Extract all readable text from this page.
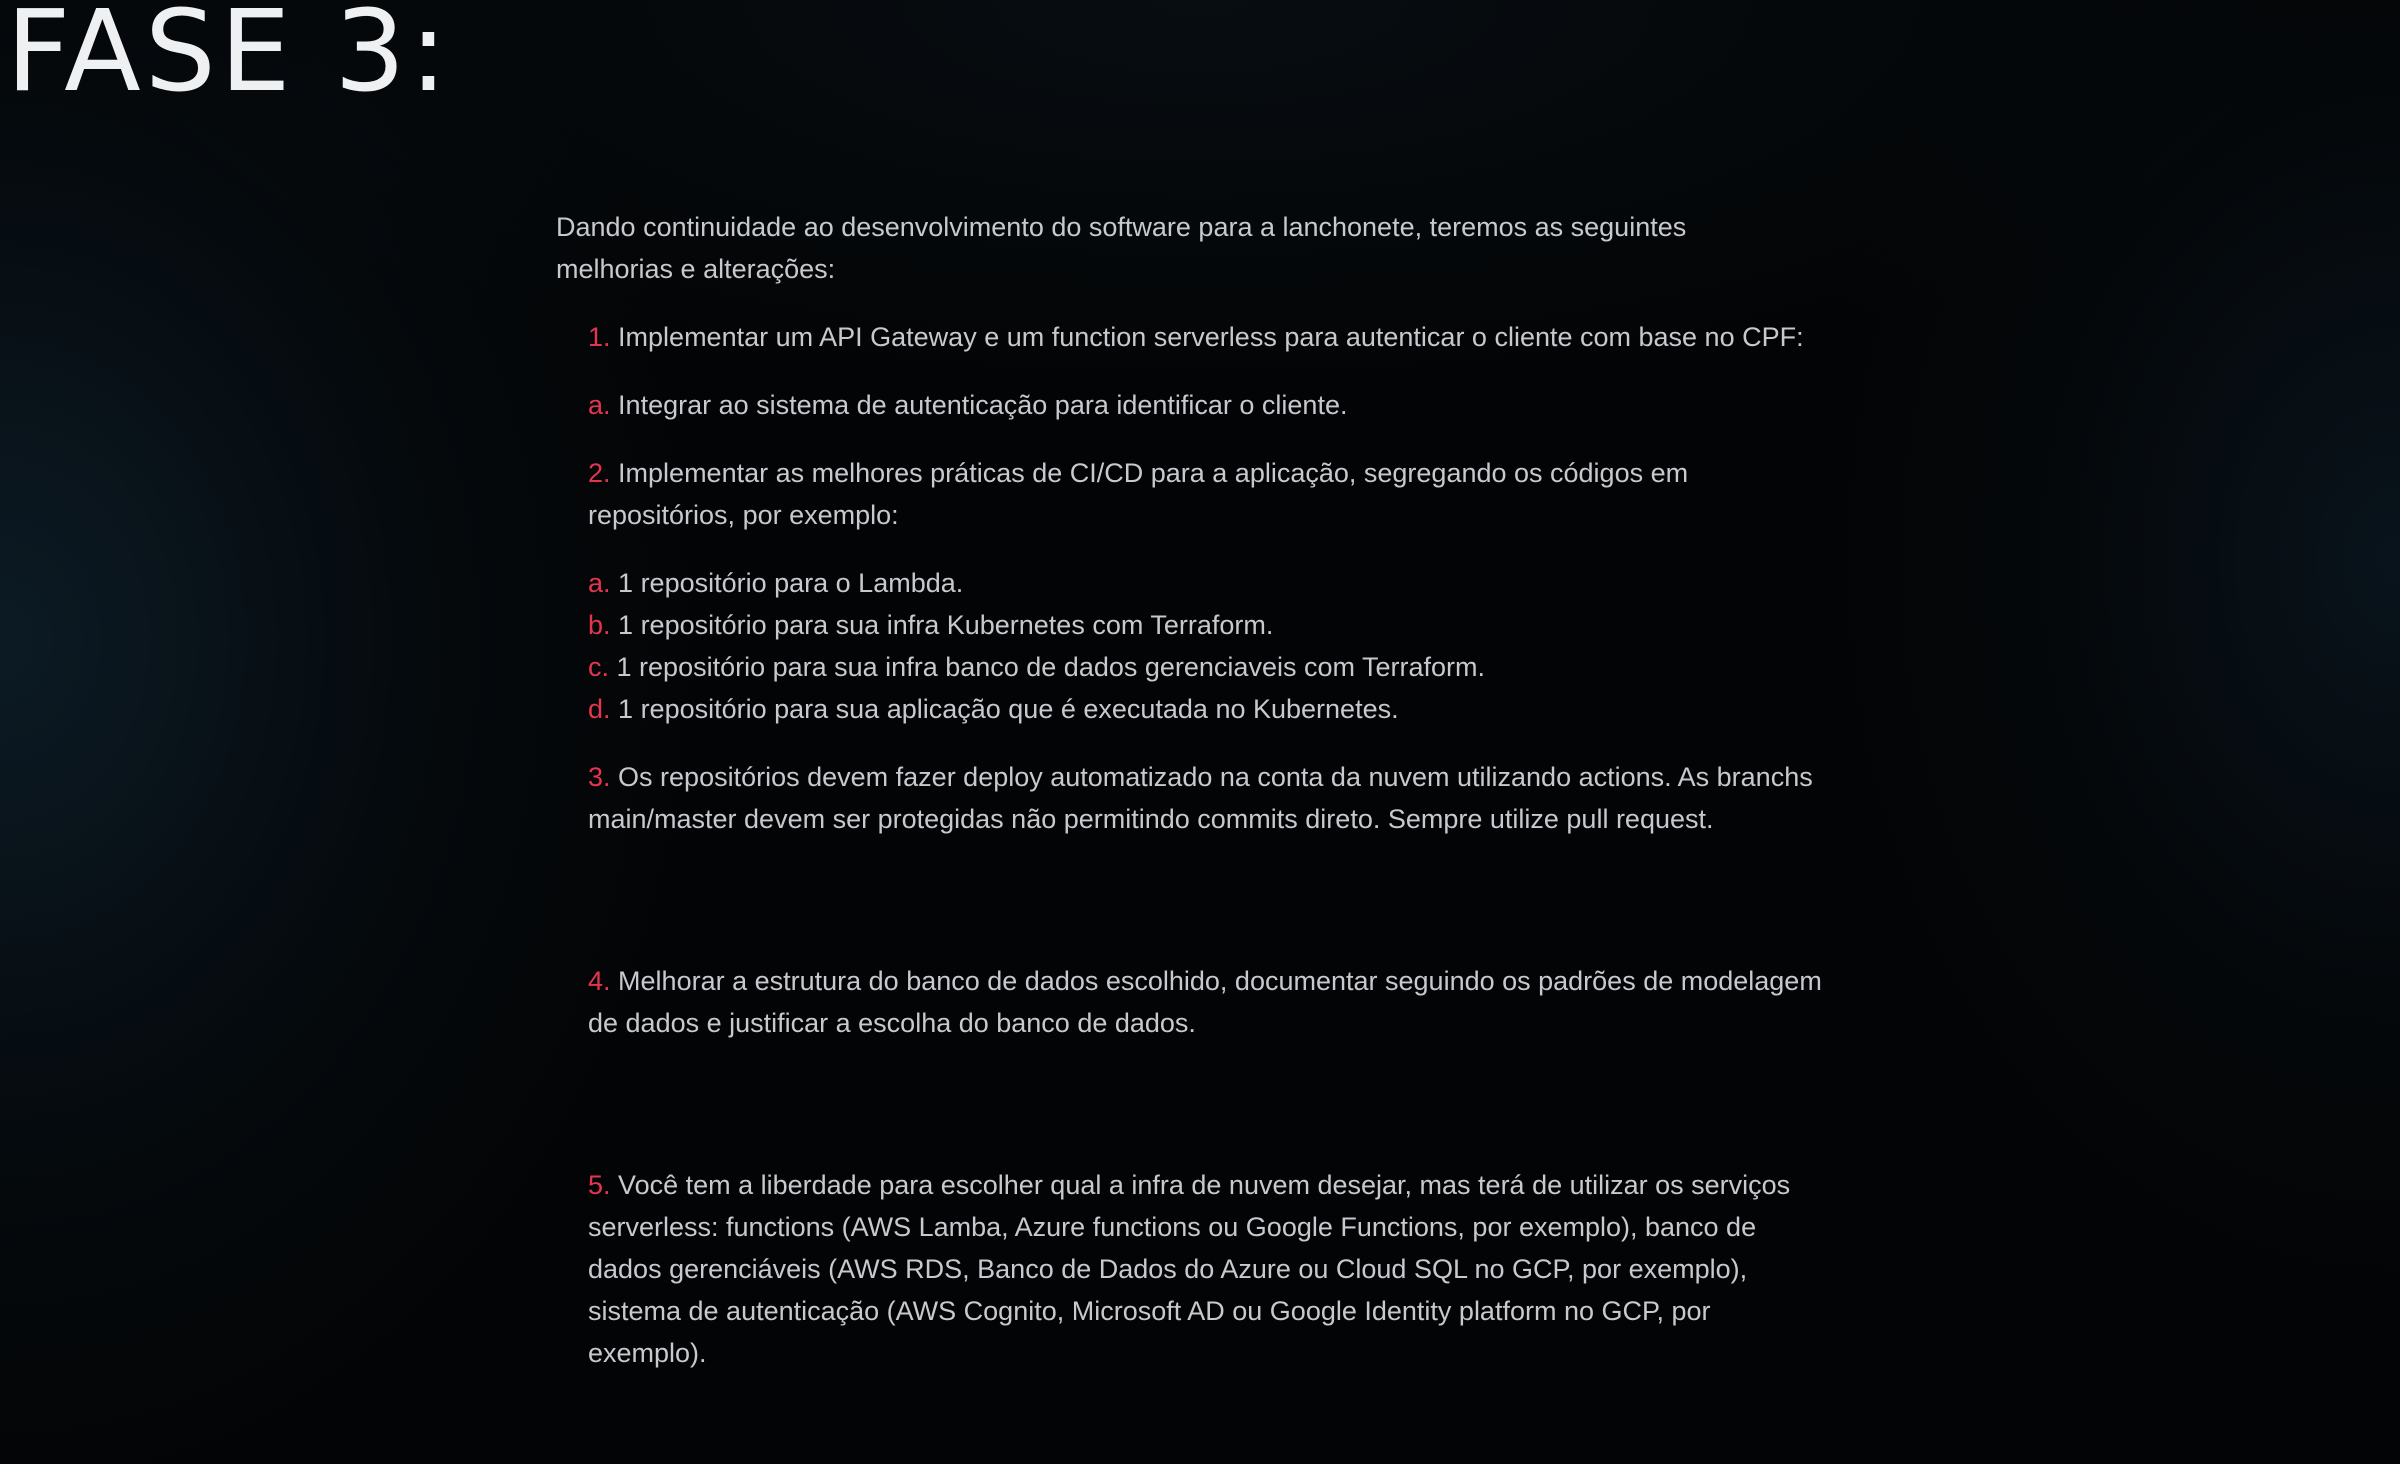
FASE 3:

Dando continuidade ao desenvolvimento do software para a lanchonete, teremos as seguintes melhorias e alterações:

1. Implementar um API Gateway e um function serverless para autenticar o cliente com base no CPF:

a. Integrar ao sistema de autenticação para identificar o cliente.

2. Implementar as melhores práticas de CI/CD para a aplicação, segregando os códigos em repositórios, por exemplo:

a. 1 repositório para o Lambda.

b. 1 repositório para sua infra Kubernetes com Terraform.

c. 1 repositório para sua infra banco de dados gerenciaveis com Terraform.

d. 1 repositório para sua aplicação que é executada no Kubernetes.

3. Os repositórios devem fazer deploy automatizado na conta da nuvem utilizando actions. As branchs main/master devem ser protegidas não permitindo commits direto. Sempre utilize pull request.

4. Melhorar a estrutura do banco de dados escolhido, documentar seguindo os padrões de modelagem de dados e justificar a escolha do banco de dados.

5. Você tem a liberdade para escolher qual a infra de nuvem desejar, mas terá de utilizar os serviços serverless: functions (AWS Lamba, Azure functions ou Google Functions, por exemplo), banco de dados gerenciáveis (AWS RDS, Banco de Dados do Azure ou Cloud SQL no GCP, por exemplo), sistema de autenticação (AWS Cognito, Microsoft AD ou Google Identity platform no GCP, por exemplo).
